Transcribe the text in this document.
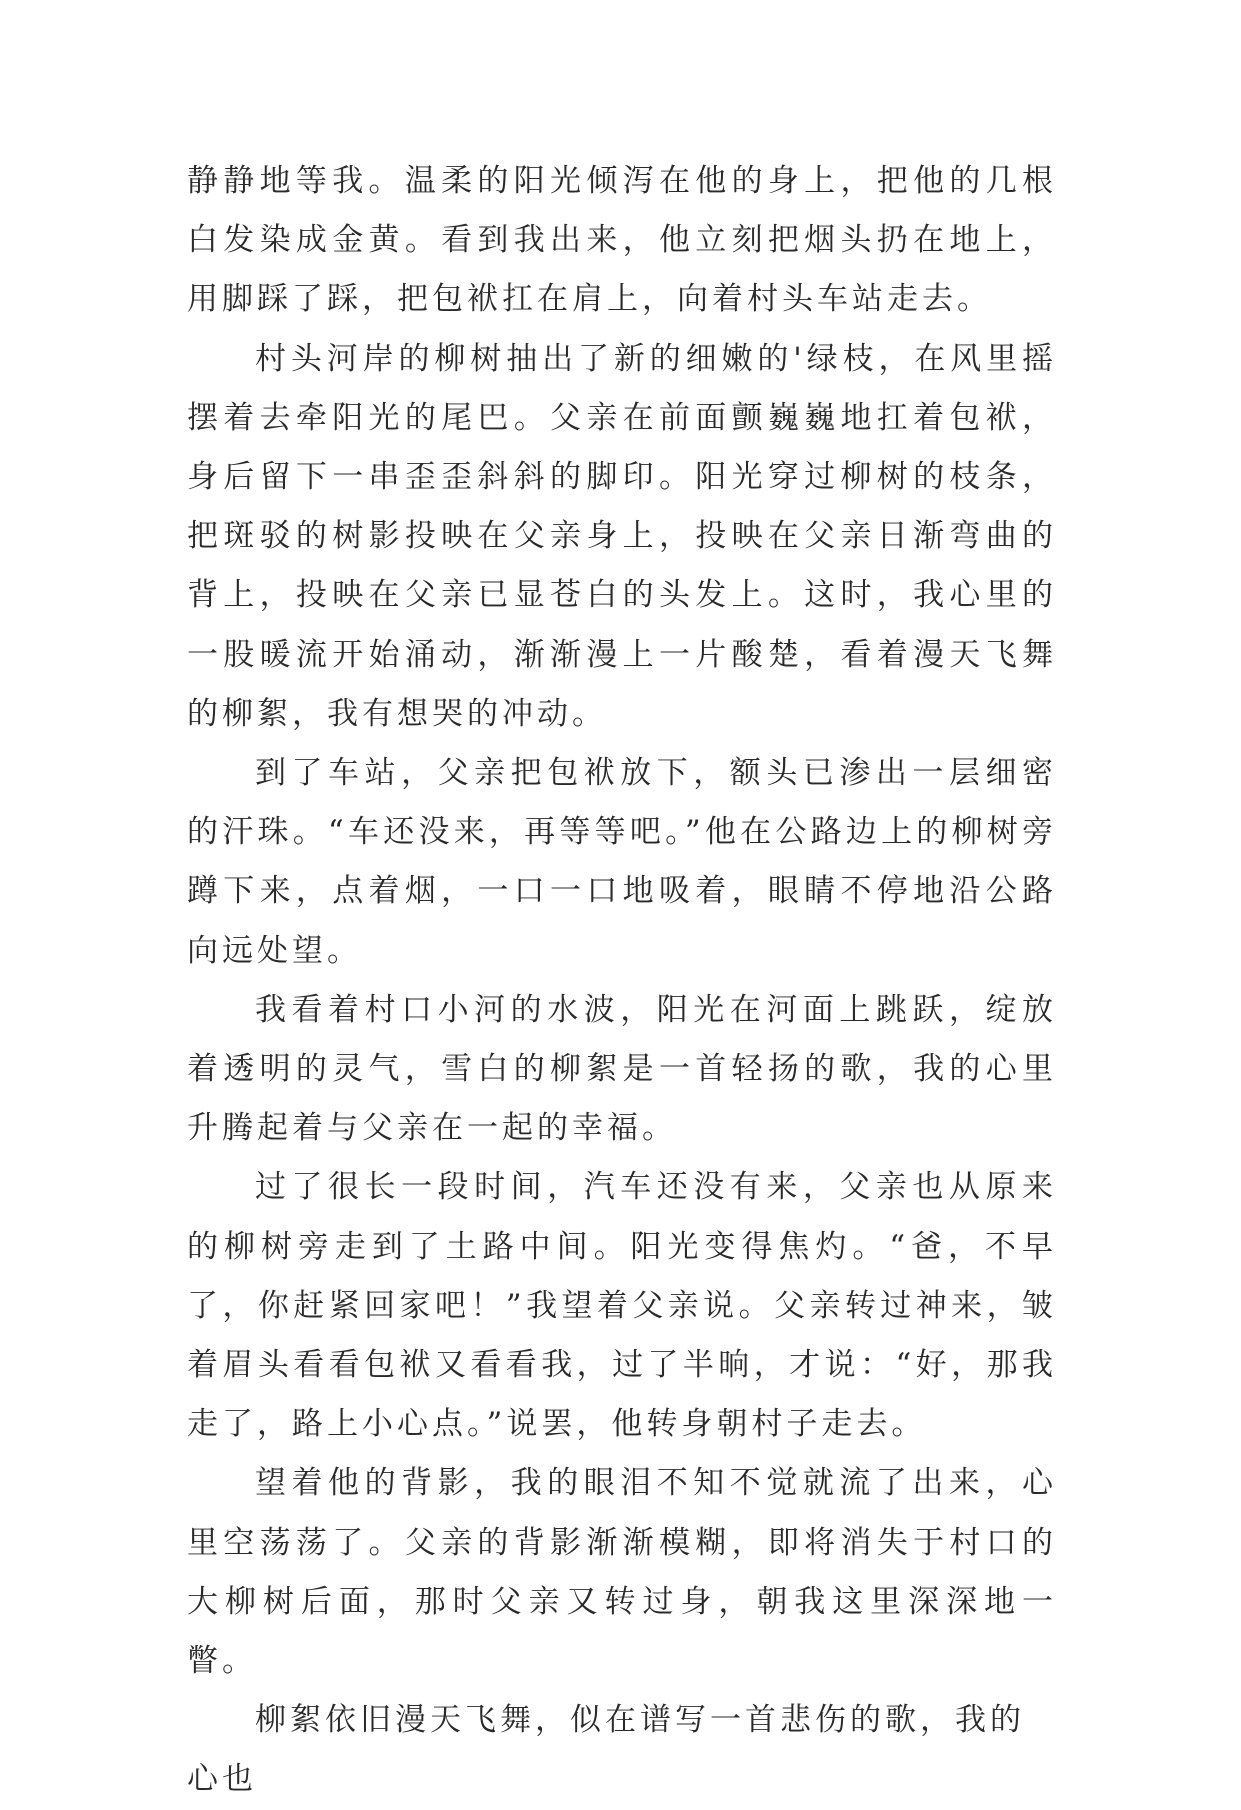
静静地等我。温柔的阳光倾泻在他的身上，把他的几根白发染成金黄。看到我出来，他立刻把烟头扔在地上，用脚踩了踩，把包袱扛在肩上，向着村头车站走去。

村头河岸的柳树抽出了新的细嫩的'绿枝，在风里摇摆着去牵阳光的尾巴。父亲在前面颤巍巍地扛着包袱，身后留下一串歪歪斜斜的脚印。阳光穿过柳树的枝条，把斑驳的树影投映在父亲身上，投映在父亲日渐弯曲的背上，投映在父亲已显苍白的头发上。这时，我心里的一股暖流开始涌动，渐渐漫上一片酸楚，看着漫天飞舞的柳絮，我有想哭的冲动。

到了车站，父亲把包袱放下，额头已渗出一层细密的汗珠。“车还没来，再等等吧。”他在公路边上的柳树旁蹲下来，点着烟，一口一口地吸着，眼睛不停地沿公路向远处望。

我看着村口小河的水波，阳光在河面上跳跃，绽放着透明的灵气，雪白的柳絮是一首轻扬的歌，我的心里升腾起着与父亲在一起的幸福。

过了很长一段时间，汽车还没有来，父亲也从原来的柳树旁走到了土路中间。阳光变得焦灼。“爸，不早了，你赶紧回家吧！”我望着父亲说。父亲转过神来，皱着眉头看看包袱又看看我，过了半晌，才说：“好，那我走了，路上小心点。”说罢，他转身朝村子走去。

望着他的背影，我的眼泪不知不觉就流了出来，心里空荡荡了。父亲的背影渐渐模糊，即将消失于村口的大柳树后面，那时父亲又转过身，朝我这里深深地一瞥。

柳絮依旧漫天飞舞，似在谱写一首悲伤的歌，我的心也
